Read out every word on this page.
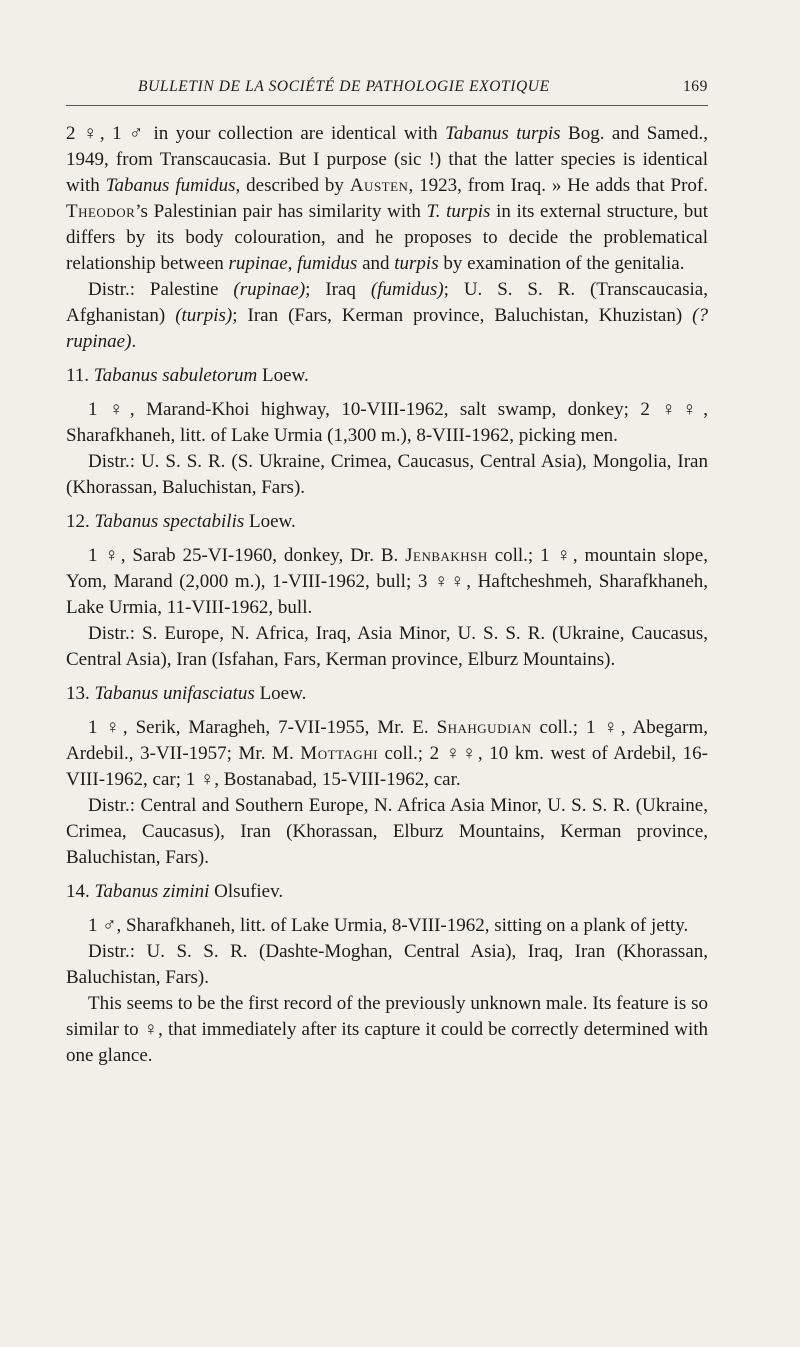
BULLETIN DE LA SOCIÉTÉ DE PATHOLOGIE EXOTIQUE	169

2 ♀, 1 ♂ in your collection are identical with Tabanus turpis Bog. and Samed., 1949, from Transcaucasia. But I purpose (sic !) that the latter species is identical with Tabanus fumidus, described by Austen, 1923, from Iraq. » He adds that Prof. Theodor’s Palestinian pair has similarity with T. turpis in its external structure, but differs by its body colouration, and he proposes to decide the problematical relationship between rupinae, fumidus and turpis by examination of the genitalia.

Distr.: Palestine (rupinae); Iraq (fumidus); U. S. S. R. (Transcaucasia, Afghanistan) (turpis); Iran (Fars, Kerman province, Baluchistan, Khuzistan) (? rupinae).

11. Tabanus sabuletorum Loew.

1 ♀, Marand-Khoi highway, 10-VIII-1962, salt swamp, donkey; 2 ♀♀, Sharafkhaneh, litt. of Lake Urmia (1,300 m.), 8-VIII-1962, picking men.

Distr.: U. S. S. R. (S. Ukraine, Crimea, Caucasus, Central Asia), Mongolia, Iran (Khorassan, Baluchistan, Fars).

12. Tabanus spectabilis Loew.

1 ♀, Sarab 25-VI-1960, donkey, Dr. B. Jenbakhsh coll.; 1 ♀, mountain slope, Yom, Marand (2,000 m.), 1-VIII-1962, bull; 3 ♀♀, Haftcheshmeh, Sharafkhaneh, Lake Urmia, 11-VIII-1962, bull.

Distr.: S. Europe, N. Africa, Iraq, Asia Minor, U. S. S. R. (Ukraine, Caucasus, Central Asia), Iran (Isfahan, Fars, Kerman province, Elburz Mountains).

13. Tabanus unifasciatus Loew.

1 ♀, Serik, Maragheh, 7-VII-1955, Mr. E. Shahgudian coll.; 1 ♀, Abegarm, Ardebil., 3-VII-1957; Mr. M. Mottaghi coll.; 2 ♀♀, 10 km. west of Ardebil, 16-VIII-1962, car; 1 ♀, Bostanabad, 15-VIII-1962, car.

Distr.: Central and Southern Europe, N. Africa Asia Minor, U. S. S. R. (Ukraine, Crimea, Caucasus), Iran (Khorassan, Elburz Mountains, Kerman province, Baluchistan, Fars).

14. Tabanus zimini Olsufiev.

1 ♂, Sharafkhaneh, litt. of Lake Urmia, 8-VIII-1962, sitting on a plank of jetty.

Distr.: U. S. S. R. (Dashte-Moghan, Central Asia), Iraq, Iran (Khorassan, Baluchistan, Fars).

This seems to be the first record of the previously unknown male. Its feature is so similar to ♀, that immediately after its capture it could be correctly determined with one glance.
